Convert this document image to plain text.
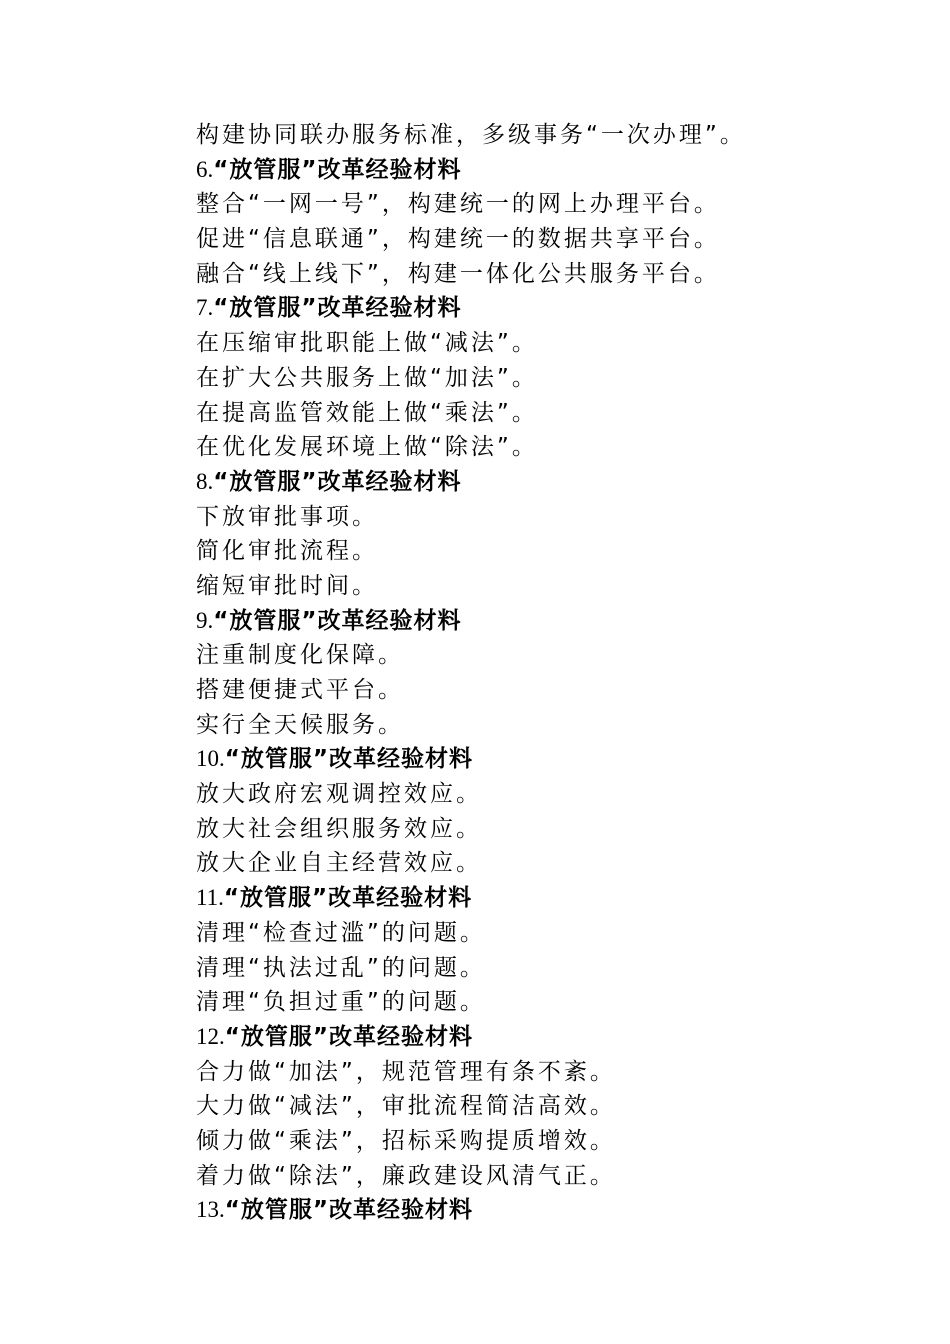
构建协同联办服务标准，多级事务“一次办理”。
6.“放管服”改革经验材料
整合“一网一号”，构建统一的网上办理平台。
促进“信息联通”，构建统一的数据共享平台。
融合“线上线下”，构建一体化公共服务平台。
7.“放管服”改革经验材料
在压缩审批职能上做“减法”。
在扩大公共服务上做“加法”。
在提高监管效能上做“乘法”。
在优化发展环境上做“除法”。
8.“放管服”改革经验材料
下放审批事项。
简化审批流程。
缩短审批时间。
9.“放管服”改革经验材料
注重制度化保障。
搭建便捷式平台。
实行全天候服务。
10.“放管服”改革经验材料
放大政府宏观调控效应。
放大社会组织服务效应。
放大企业自主经营效应。
11.“放管服”改革经验材料
清理“检查过滥”的问题。
清理“执法过乱”的问题。
清理“负担过重”的问题。
12.“放管服”改革经验材料
合力做“加法”，规范管理有条不紊。
大力做“减法”，审批流程简洁高效。
倾力做“乘法”，招标采购提质增效。
着力做“除法”，廉政建设风清气正。
13.“放管服”改革经验材料
